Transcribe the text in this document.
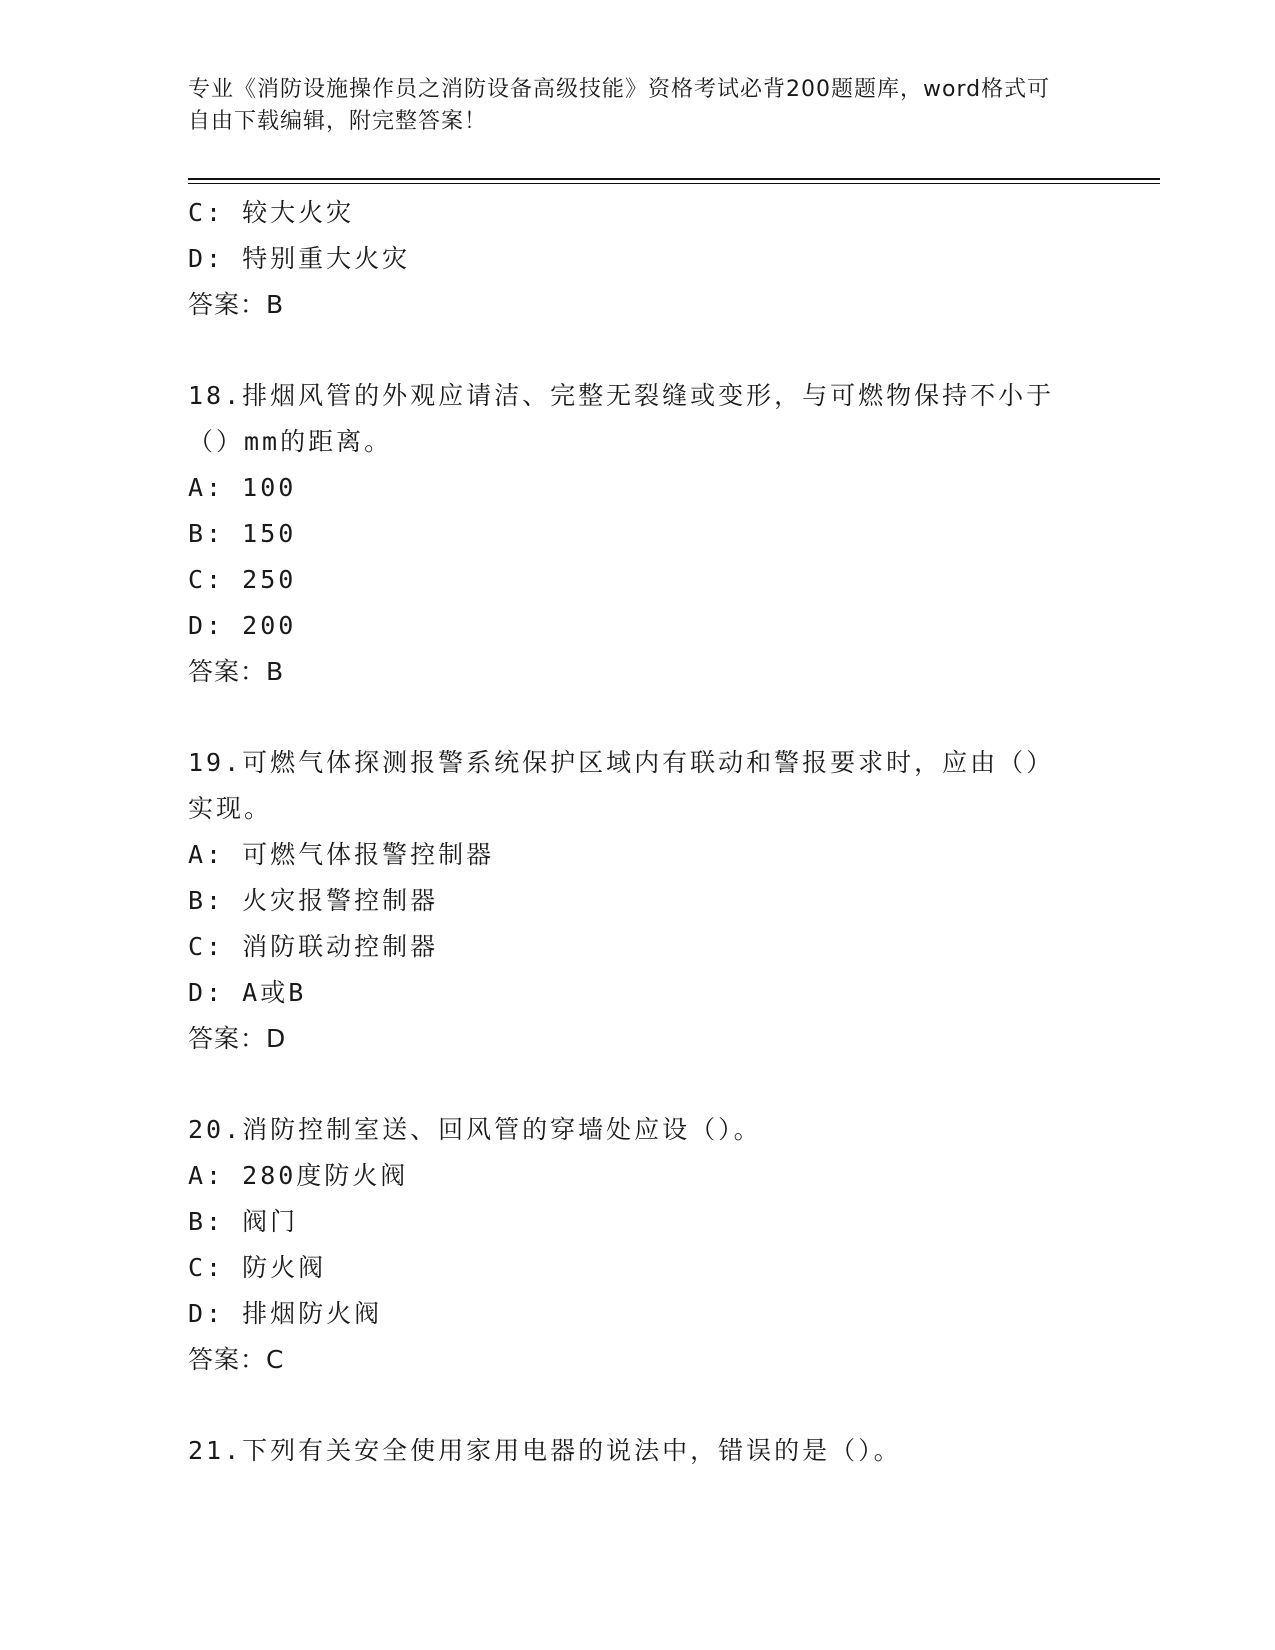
专业《消防设施操作员之消防设备高级技能》资格考试必背200题题库，word格式可自由下载编辑，附完整答案！
C: 较大火灾
D: 特别重大火灾
答案：B
18.排烟风管的外观应请洁、完整无裂缝或变形，与可燃物保持不小于
（）mm的距离。
A: 100
B: 150
C: 250
D: 200
答案：B
19.可燃气体探测报警系统保护区域内有联动和警报要求时，应由（）
实现。
A: 可燃气体报警控制器
B: 火灾报警控制器
C: 消防联动控制器
D: A或B
答案：D
20.消防控制室送、回风管的穿墙处应设（）。
A: 280度防火阀
B: 阀门
C: 防火阀
D: 排烟防火阀
答案：C
21.下列有关安全使用家用电器的说法中，错误的是（）。
